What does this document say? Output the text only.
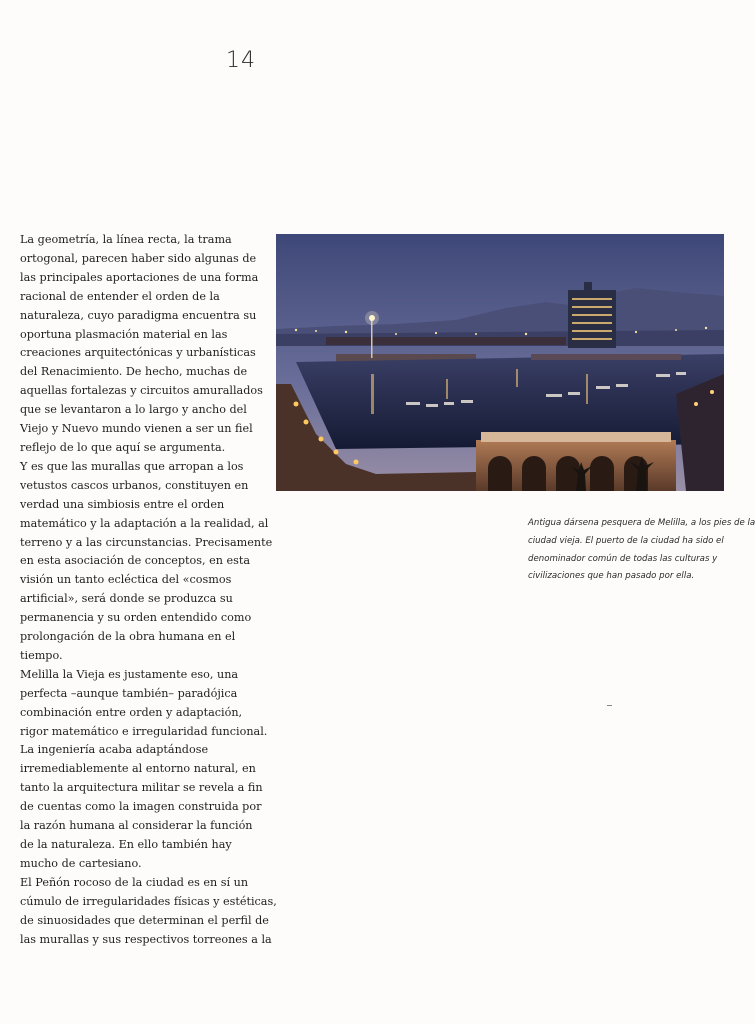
14
La geometría, la línea recta, la trama
ortogonal, parecen haber sido algunas de
las principales aportaciones de una forma
racional de entender el orden de la
naturaleza, cuyo paradigma encuentra su
oportuna plasmación material en las
creaciones arquitectónicas y urbanísticas
del Renacimiento. De hecho, muchas de
aquellas fortalezas y circuitos amurallados
que se levantaron a lo largo y ancho del
Viejo y Nuevo mundo vienen a ser un fiel
reflejo de lo que aquí se argumenta.
Y es que las murallas que arropan a los
vetustos cascos urbanos, constituyen en
verdad una simbiosis entre el orden
matemático y la adaptación a la realidad, al
terreno y a las circunstancias. Precisamente
en esta asociación de conceptos, en esta
visión un tanto ecléctica del «cosmos
artificial», será donde se produzca su
permanencia y su orden entendido como
prolongación de la obra humana en el
tiempo.
Melilla la Vieja es justamente eso, una
perfecta –aunque también– paradójica
combinación entre orden y adaptación,
rigor matemático e irregularidad funcional.
La ingeniería acaba adaptándose
irremediablemente al entorno natural, en
tanto la arquitectura militar se revela a fin
de cuentas como la imagen construida por
la razón humana al considerar la función
de la naturaleza. En ello también hay
mucho de cartesiano.
El Peñón rocoso de la ciudad es en sí un
cúmulo de irregularidades físicas y estéticas,
de sinuosidades que determinan el perfil de
las murallas y sus respectivos torreones a la
Antigua dársena pesquera de Melilla, a los pies de la
ciudad vieja. El puerto de la ciudad ha sido el
denominador común de todas las culturas y
civilizaciones que han pasado por ella.
